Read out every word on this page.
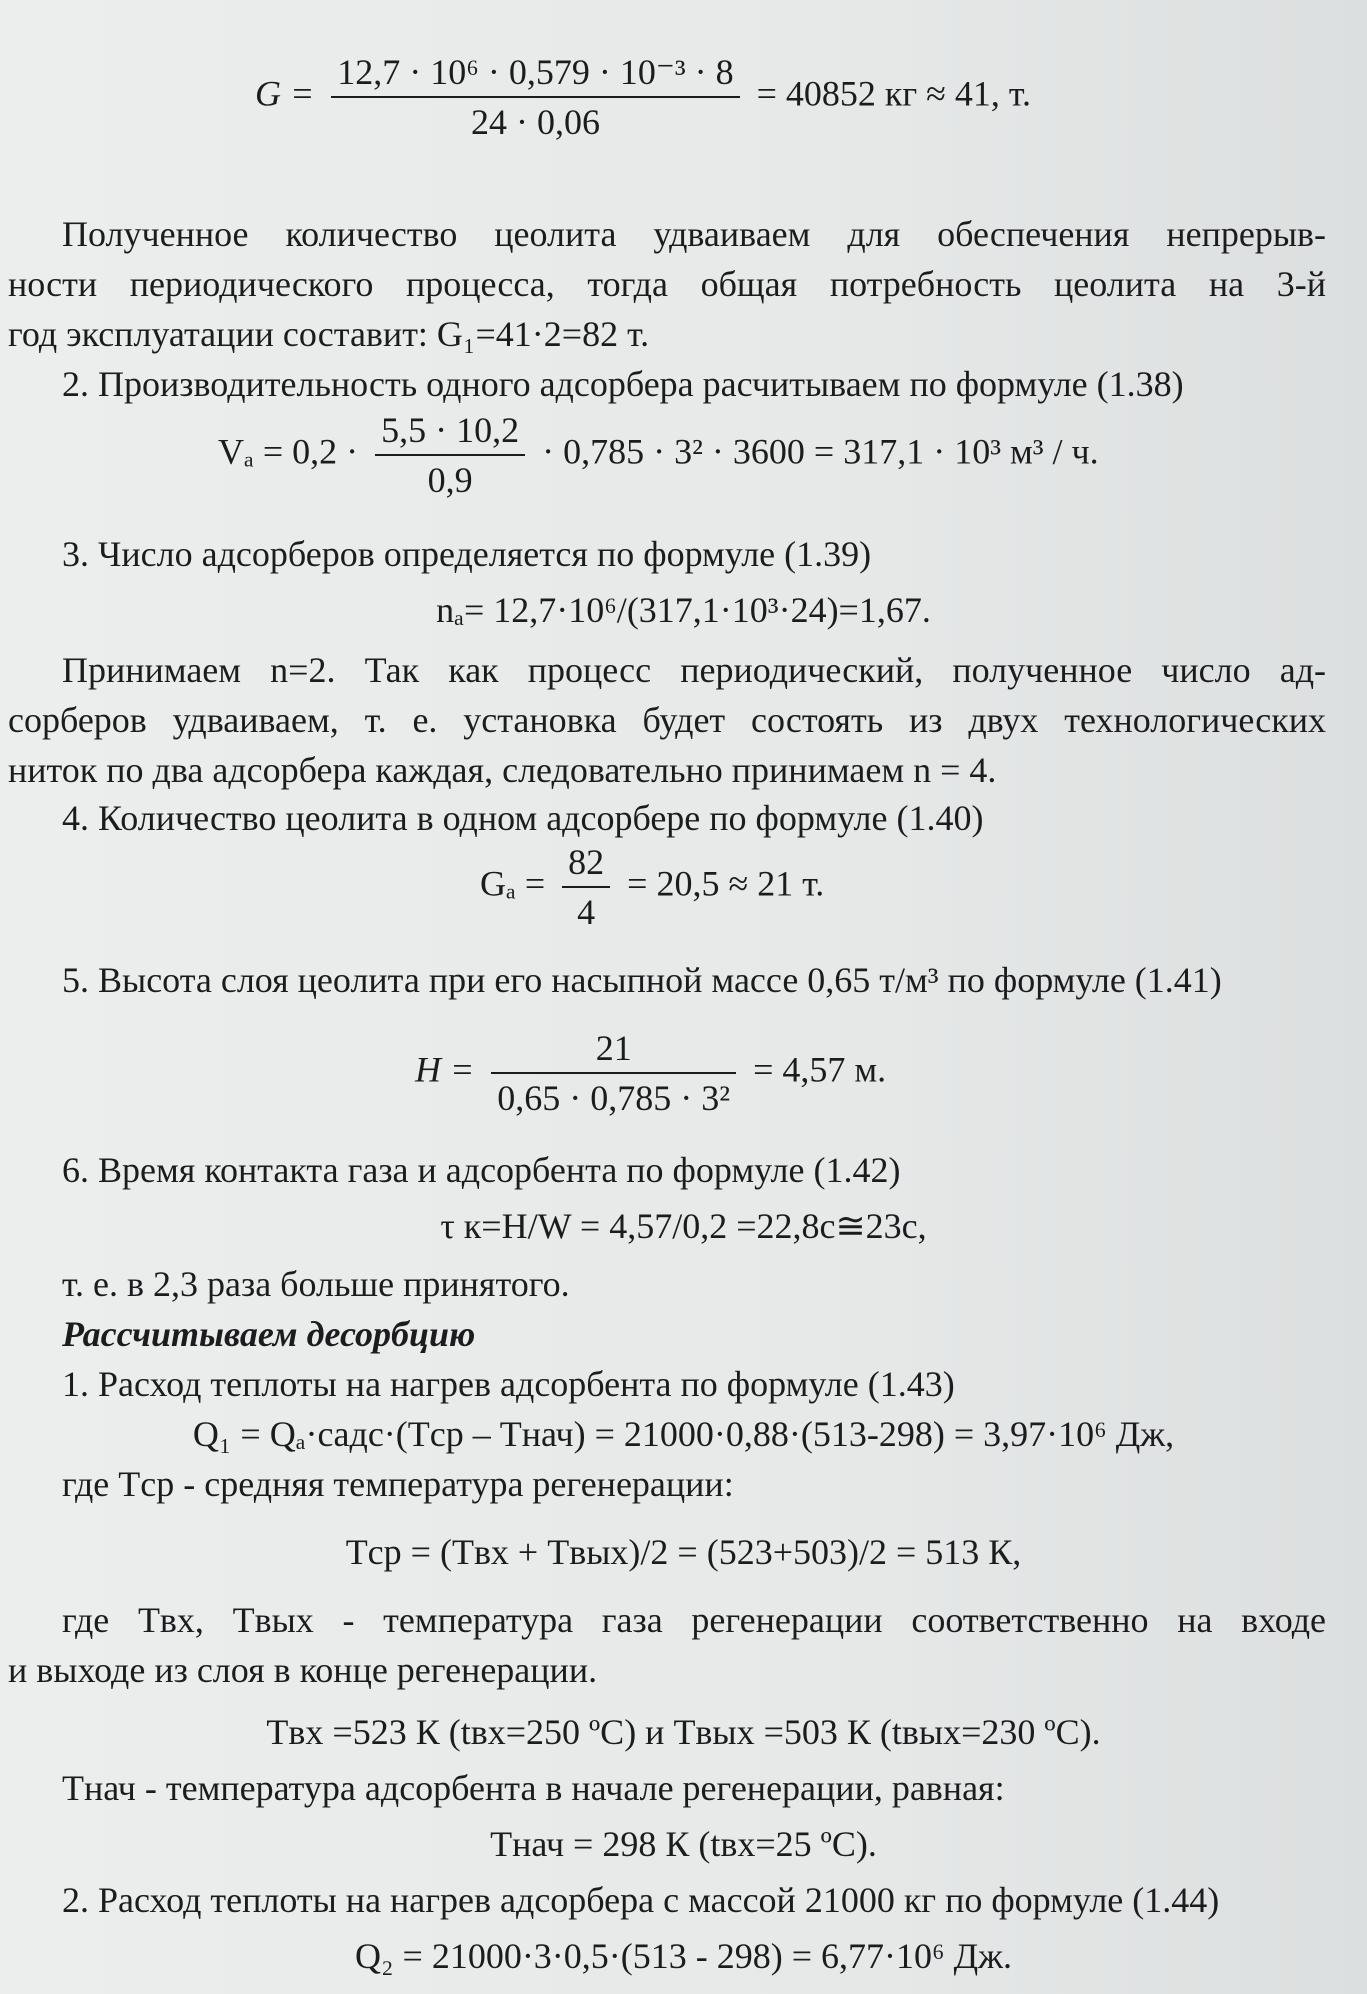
$G = \frac{\text{12,7 · 10⁶ · 0,579 · 10⁻³ · 8}}{24 \cdot 0,06} = 40852$ кг ≈ 41, т.
Полученное количество цеолита удваиваем для обеспечения непрерыв-
ности периодического процесса, тогда общая потребность цеолита на 3-й
год эксплуатации составит: G₁=41·2=82 т.
2. Производительность одного адсорбера расчитываем по формуле (1.38)
$V_a = 0,2 \cdot \frac{5,5 \cdot 10,2}{0,9} \cdot 0,785 \cdot 3^2 \cdot 3600 = 317,1 \cdot 10^3$ м³ / ч.
3. Число адсорберов определяется по формуле (1.39)
nₐ= 12,7·10⁶/(317,1·10³·24)=1,67.
Принимаем n=2. Так как процесс периодический, полученное число ад-
сорберов удваиваем, т. е. установка будет состоять из двух технологических
ниток по два адсорбера каждая, следовательно принимаем n = 4.
4. Количество цеолита в одном адсорбере по формуле (1.40)
$G_a = \frac{82}{4} = 20,5 \approx 21$ т.
5. Высота слоя цеолита при его насыпной массе 0,65 т/м³ по формуле (1.41)
$H = \frac{21}{\text{0,65 · 0,785 · 3²}} = 4,57$ м.
6. Время контакта газа и адсорбента по формуле (1.42)
τ к=H/W = 4,57/0,2 =22,8с≅23с,
т. е. в 2,3 раза больше принятого.
Рассчитываем десорбцию
1. Расход теплоты на нагрев адсорбента по формуле (1.43)
Q₁ = Qₐ·cадс·(Tср – Tнач) = 21000·0,88·(513-298) = 3,97·10⁶ Дж,
где Tср - средняя температура регенерации:
Tср = (Tвх + Tвых)/2 = (523+503)/2 = 513 К,
где Tвх, Tвых - температура газа регенерации соответственно на входе
и выходе из слоя в конце регенерации.
Tвх =523 К (tвх=250 ºС) и Tвых =503 К (tвых=230 ºС).
Tнач - температура адсорбента в начале регенерации, равная:
Tнач = 298 К (tвх=25 ºС).
2. Расход теплоты на нагрев адсорбера с массой 21000 кг по формуле (1.44)
Q₂ = 21000·3·0,5·(513 - 298) = 6,77·10⁶ Дж.
